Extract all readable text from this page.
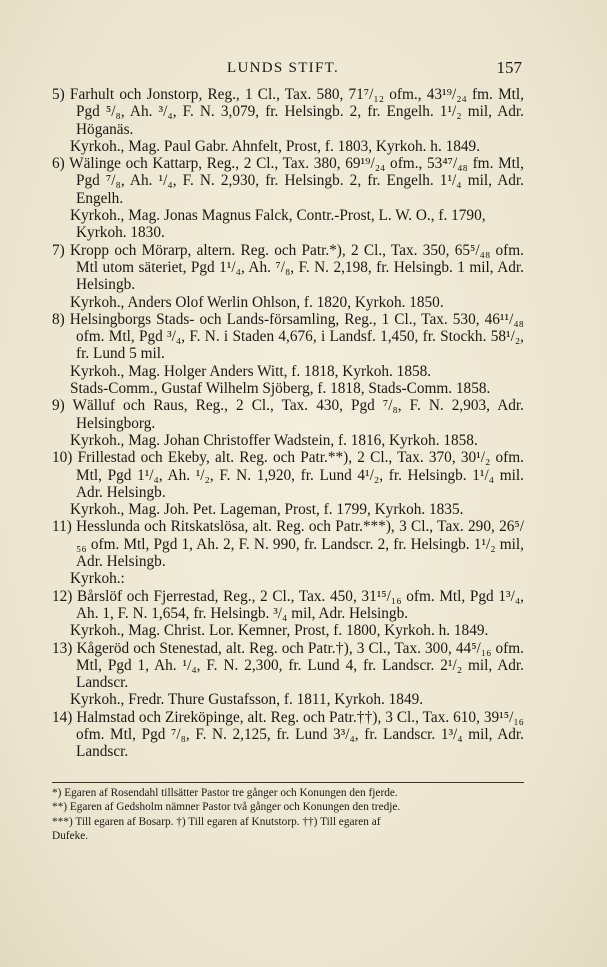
LUNDS STIFT.	157

5) Farhult och Jonstorp, Reg., 1 Cl., Tax. 580, 71⁷/₁₂ ofm., 43¹⁹/₂₄ fm. Mtl, Pgd ⁵/₈, Ah. ³/₄, F. N. 3,079, fr. Helsingb. 2, fr. Engelh. 1¹/₂ mil, Adr. Höganäs.

Kyrkoh., Mag. Paul Gabr. Ahnfelt, Prost, f. 1803, Kyrkoh. h. 1849.

6) Wälinge och Kattarp, Reg., 2 Cl., Tax. 380, 69¹⁹/₂₄ ofm., 53⁴⁷/₄₈ fm. Mtl, Pgd ⁷/₈, Ah. ¹/₄, F. N. 2,930, fr. Helsingb. 2, fr. Engelh. 1¹/₄ mil, Adr. Engelh.

Kyrkoh., Mag. Jonas Magnus Falck, Contr.-Prost, L. W. O., f. 1790, Kyrkoh. 1830.

7) Kropp och Mörarp, altern. Reg. och Patr.*), 2 Cl., Tax. 350, 65⁵/₄₈ ofm. Mtl utom säteriet, Pgd 1¹/₄, Ah. ⁷/₈, F. N. 2,198, fr. Helsingb. 1 mil, Adr. Helsingb.

Kyrkoh., Anders Olof Werlin Ohlson, f. 1820, Kyrkoh. 1850.

8) Helsingborgs Stads- och Lands-församling, Reg., 1 Cl., Tax. 530, 46¹¹/₄₈ ofm. Mtl, Pgd ³/₄, F. N. i Staden 4,676, i Landsf. 1,450, fr. Stockh. 58¹/₂, fr. Lund 5 mil.

Kyrkoh., Mag. Holger Anders Witt, f. 1818, Kyrkoh. 1858.

Stads-Comm., Gustaf Wilhelm Sjöberg, f. 1818, Stads-Comm. 1858.

9) Wälluf och Raus, Reg., 2 Cl., Tax. 430, Pgd ⁷/₈, F. N. 2,903, Adr. Helsingborg.

Kyrkoh., Mag. Johan Christoffer Wadstein, f. 1816, Kyrkoh. 1858.

10) Frillestad och Ekeby, alt. Reg. och Patr.**), 2 Cl., Tax. 370, 30¹/₂ ofm. Mtl, Pgd 1¹/₄, Ah. ¹/₂, F. N. 1,920, fr. Lund 4¹/₂, fr. Helsingb. 1¹/₄ mil. Adr. Helsingb.

Kyrkoh., Mag. Joh. Pet. Lageman, Prost, f. 1799, Kyrkoh. 1835.

11) Hesslunda och Ritskatslösa, alt. Reg. och Patr.***), 3 Cl., Tax. 290, 26⁵/₅₆ ofm. Mtl, Pgd 1, Ah. 2, F. N. 990, fr. Landscr. 2, fr. Helsingb. 1¹/₂ mil, Adr. Helsingb.

Kyrkoh.:

12) Bårslöf och Fjerrestad, Reg., 2 Cl., Tax. 450, 31¹⁵/₁₆ ofm. Mtl, Pgd 1³/₄, Ah. 1, F. N. 1,654, fr. Helsingb. ³/₄ mil, Adr. Helsingb.

Kyrkoh., Mag. Christ. Lor. Kemner, Prost, f. 1800, Kyrkoh. h. 1849.

13) Kågeröd och Stenestad, alt. Reg. och Patr.†), 3 Cl., Tax. 300, 44⁵/₁₆ ofm. Mtl, Pgd 1, Ah. ¹/₄, F. N. 2,300, fr. Lund 4, fr. Landscr. 2¹/₂ mil, Adr. Landscr.

Kyrkoh., Fredr. Thure Gustafsson, f. 1811, Kyrkoh. 1849.

14) Halmstad och Zireköpinge, alt. Reg. och Patr.††), 3 Cl., Tax. 610, 39¹⁵/₁₆ ofm. Mtl, Pgd ⁷/₈, F. N. 2,125, fr. Lund 3³/₄, fr. Landscr. 1³/₄ mil, Adr. Landscr.

*) Egaren af Rosendahl tillsätter Pastor tre gånger och Konungen den fjerde.

**) Egaren af Gedsholm nämner Pastor två gånger och Konungen den tredje.

***) Till egaren af Bosarp. †) Till egaren af Knutstorp. ††) Till egaren af

Dufeke.
